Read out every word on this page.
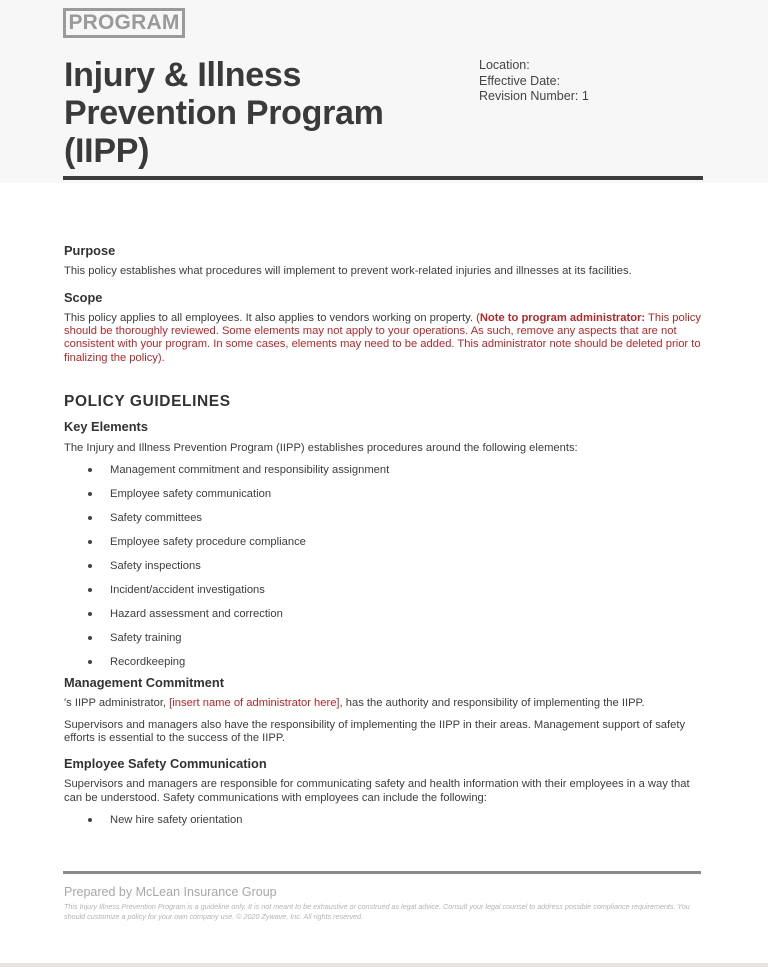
PROGRAM
Injury & Illness
Prevention Program
(IIPP)
Location:
Effective Date:
Revision Number: 1
Purpose

This policy establishes what procedures will implement to prevent work-related injuries and illnesses at its facilities.

Scope

This policy applies to all employees. It also applies to vendors working on property. (Note to program administrator: This policy should be thoroughly reviewed. Some elements may not apply to your operations. As such, remove any aspects that are not consistent with your program. In some cases, elements may need to be added. This administrator note should be deleted prior to finalizing the policy).

POLICY GUIDELINES
Key Elements

The Injury and Illness Prevention Program (IIPP) establishes procedures around the following elements:

Management commitment and responsibility assignment
Employee safety communication
Safety committees
Employee safety procedure compliance
Safety inspections
Incident/accident investigations
Hazard assessment and correction
Safety training
Recordkeeping
Management Commitment

's IIPP administrator, [insert name of administrator here], has the authority and responsibility of implementing the IIPP.

Supervisors and managers also have the responsibility of implementing the IIPP in their areas. Management support of safety efforts is essential to the success of the IIPP.

Employee Safety Communication

Supervisors and managers are responsible for communicating safety and health information with their employees in a way that can be understood. Safety communications with employees can include the following:

New hire safety orientation
Prepared by McLean Insurance Group
This Injury Illness Prevention Program is a guideline only. It is not meant to be exhaustive or construed as legal advice. Consult your legal counsel to address possible compliance requirements. You should customize a policy for your own company use. © 2020 Zywave, Inc. All rights reserved.
